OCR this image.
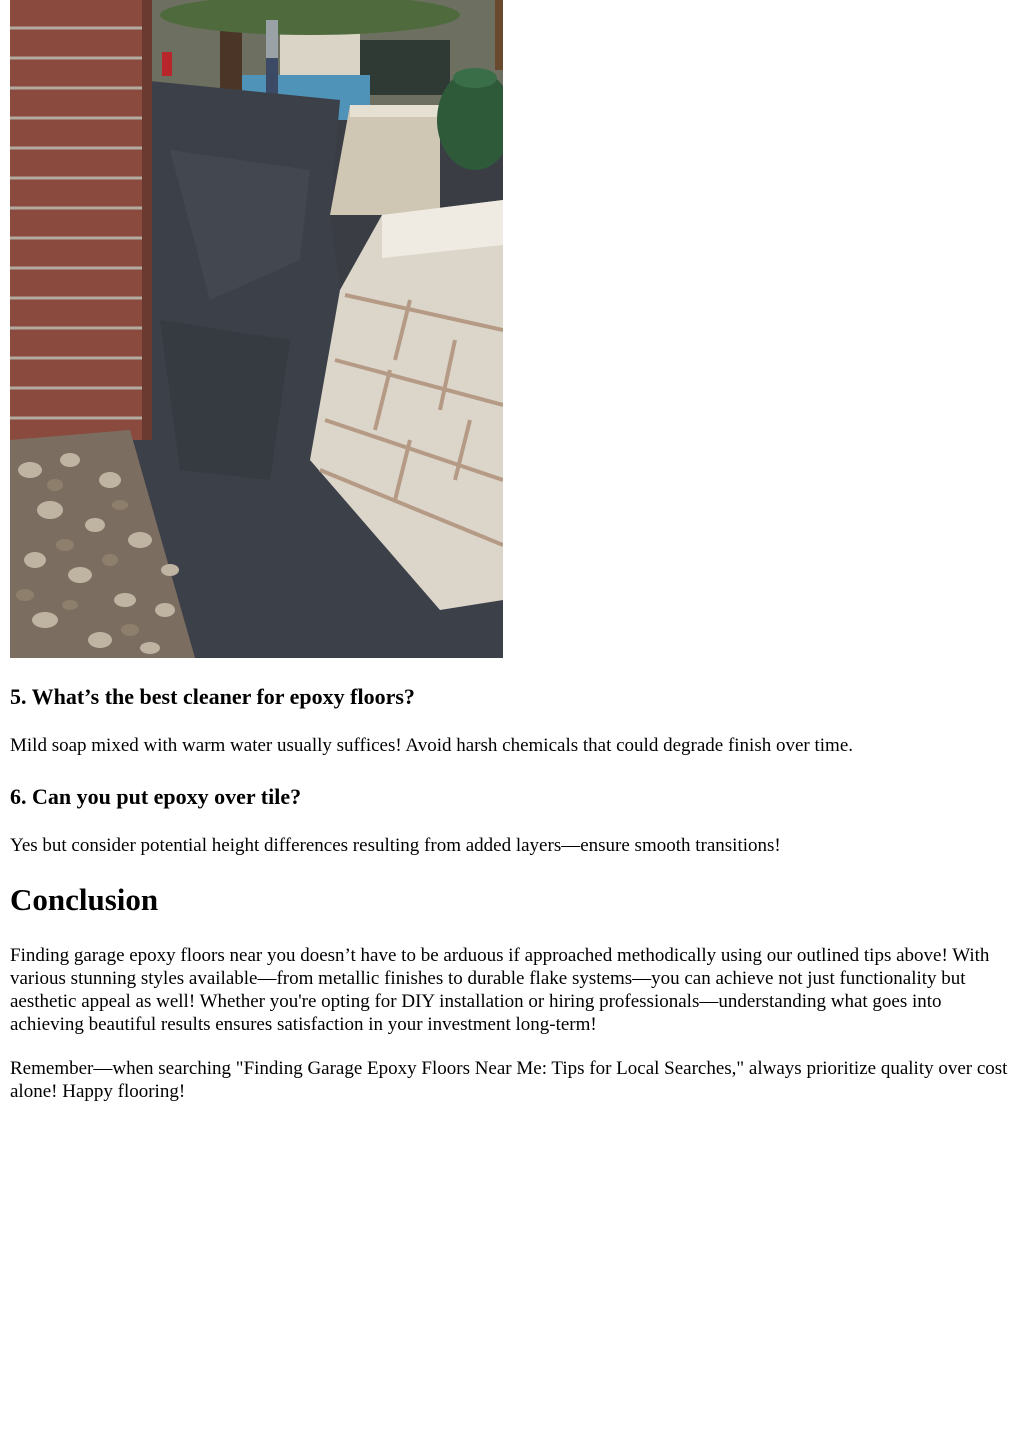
5. What’s the best cleaner for epoxy floors?

Mild soap mixed with warm water usually suffices! Avoid harsh chemicals that could degrade finish over time.

6. Can you put epoxy over tile?

Yes but consider potential height differences resulting from added layers—ensure smooth transitions!

Conclusion

Finding garage epoxy floors near you doesn’t have to be arduous if approached methodically using our outlined tips above! With various stunning styles available—from metallic finishes to durable flake systems—you can achieve not just functionality but aesthetic appeal as well! Whether you're opting for DIY installation or hiring professionals—understanding what goes into achieving beautiful results ensures satisfaction in your investment long-term!

Remember—when searching "Finding Garage Epoxy Floors Near Me: Tips for Local Searches," always prioritize quality over cost alone! Happy flooring!
